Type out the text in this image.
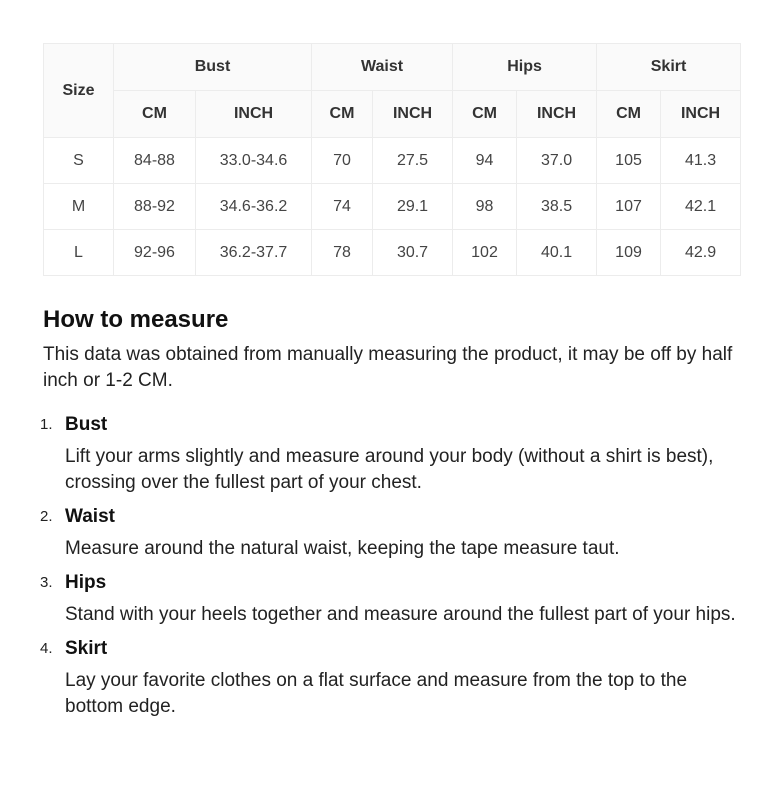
Size	Bust		Waist		Hips		Skirt	
	CM	INCH	CM	INCH	CM	INCH	CM	INCH
S	84-88	33.0-34.6	70	27.5	94	37.0	105	41.3
M	88-92	34.6-36.2	74	29.1	98	38.5	107	42.1
L	92-96	36.2-37.7	78	30.7	102	40.1	109	42.9
How to measure

This data was obtained from manually measuring the product, it may be off by half inch or 1-2 CM.

1. Bust
Lift your arms slightly and measure around your body (without a shirt is best), crossing over the fullest part of your chest.
2. Waist
Measure around the natural waist, keeping the tape measure taut.
3. Hips
Stand with your heels together and measure around the fullest part of your hips.
4. Skirt
Lay your favorite clothes on a flat surface and measure from the top to the bottom edge.
